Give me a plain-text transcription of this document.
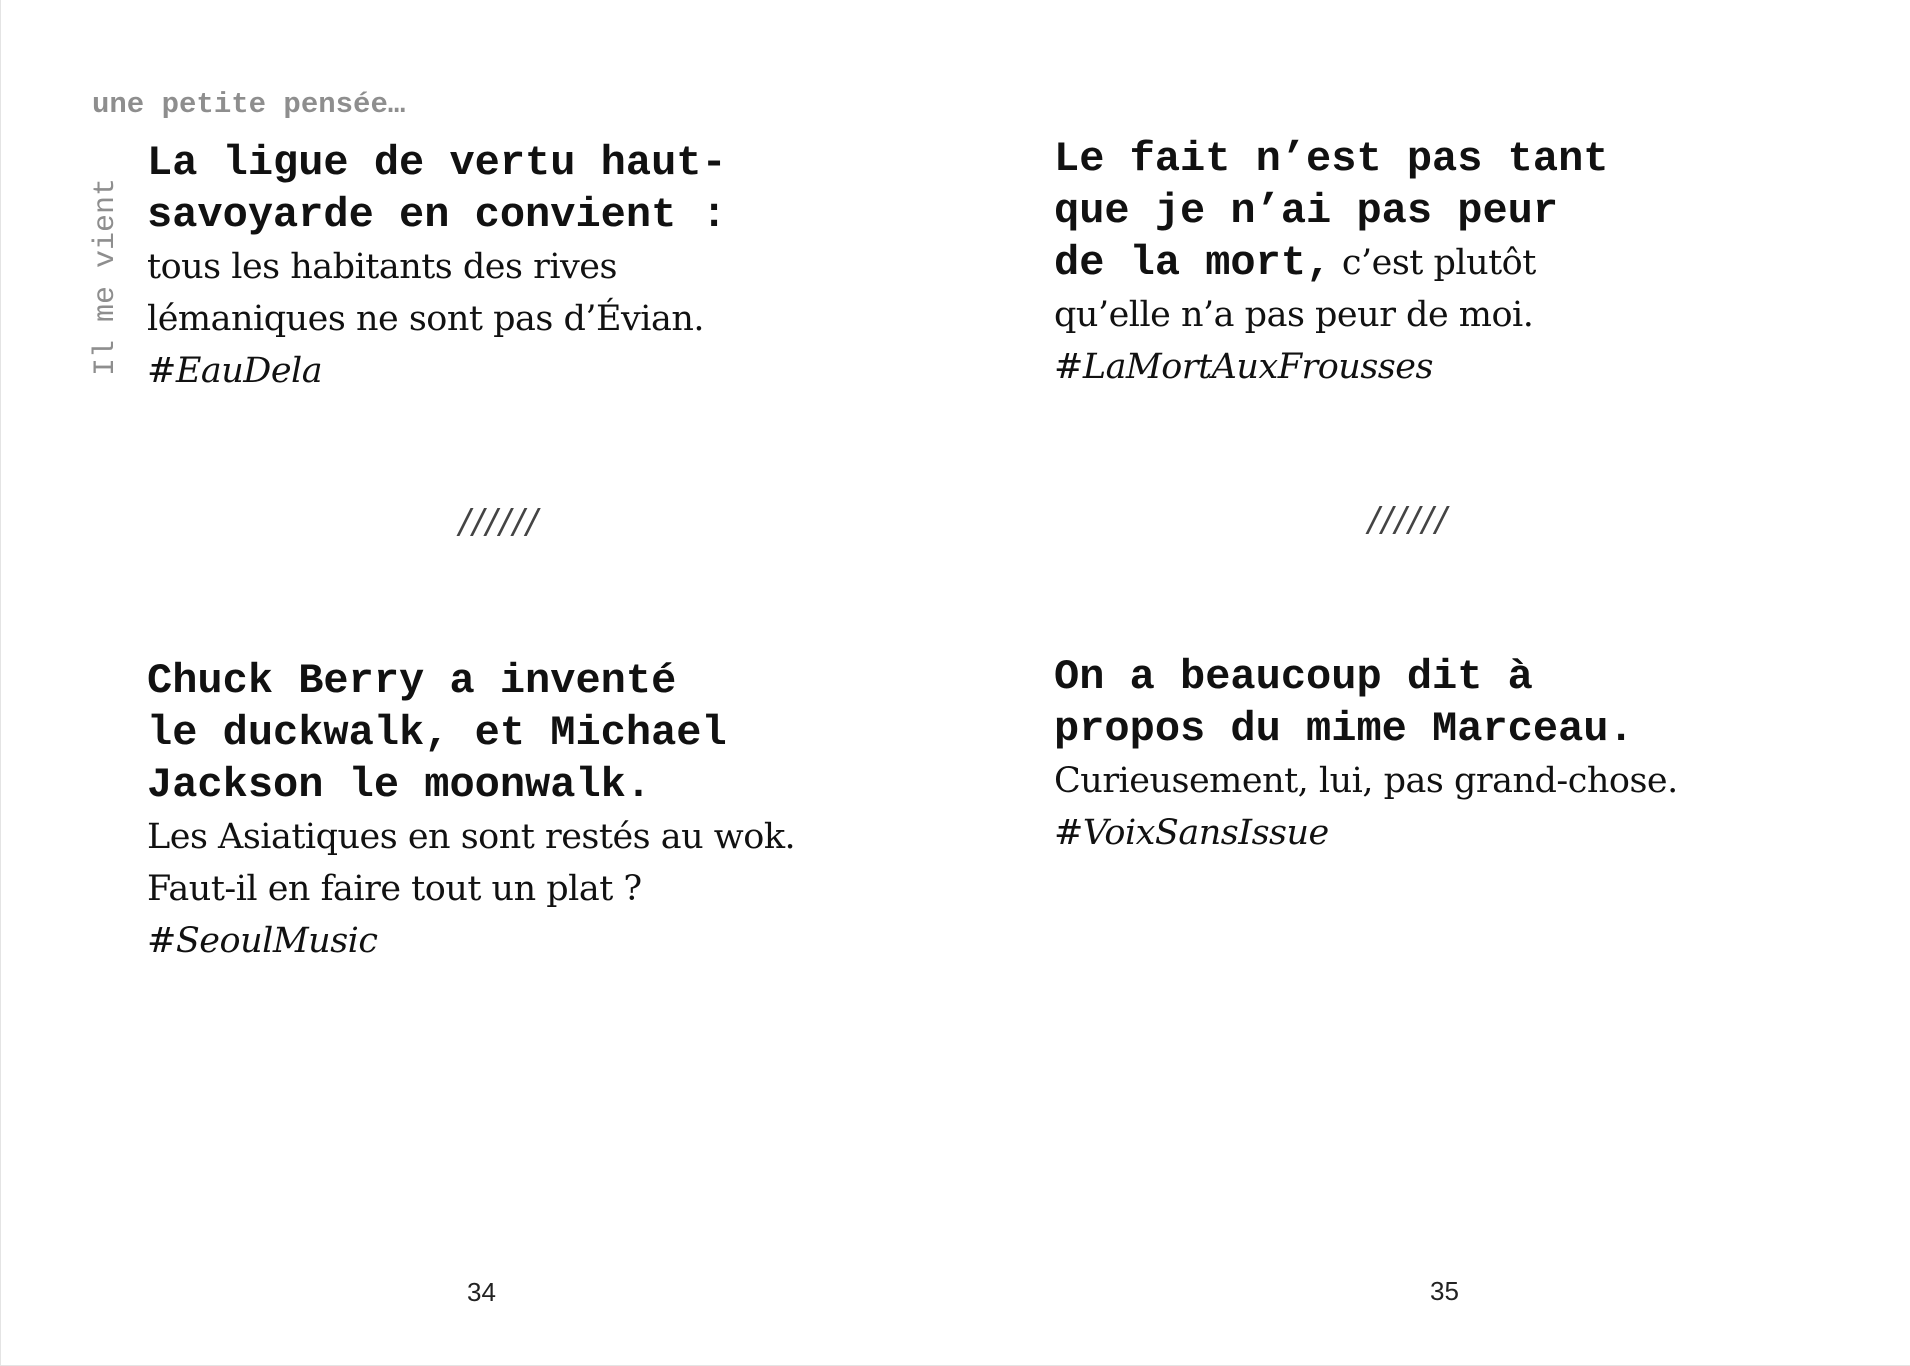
une petite pensée…
Il me vient
La ligue de vertu haut-
savoyarde en convient :
tous les habitants des rives
lémaniques ne sont pas d’Évian.
#EauDela
//////
Chuck Berry a inventé
le duckwalk, et Michael
Jackson le moonwalk.
Les Asiatiques en sont restés au wok.
Faut-il en faire tout un plat ?
#SeoulMusic
34
Le fait n’est pas tant
que je n’ai pas peur
de la mort, c’est plutôt
qu’elle n’a pas peur de moi.
#LaMortAuxFrousses
//////
On a beaucoup dit à
propos du mime Marceau.
Curieusement, lui, pas grand-chose.
#VoixSansIssue
35
